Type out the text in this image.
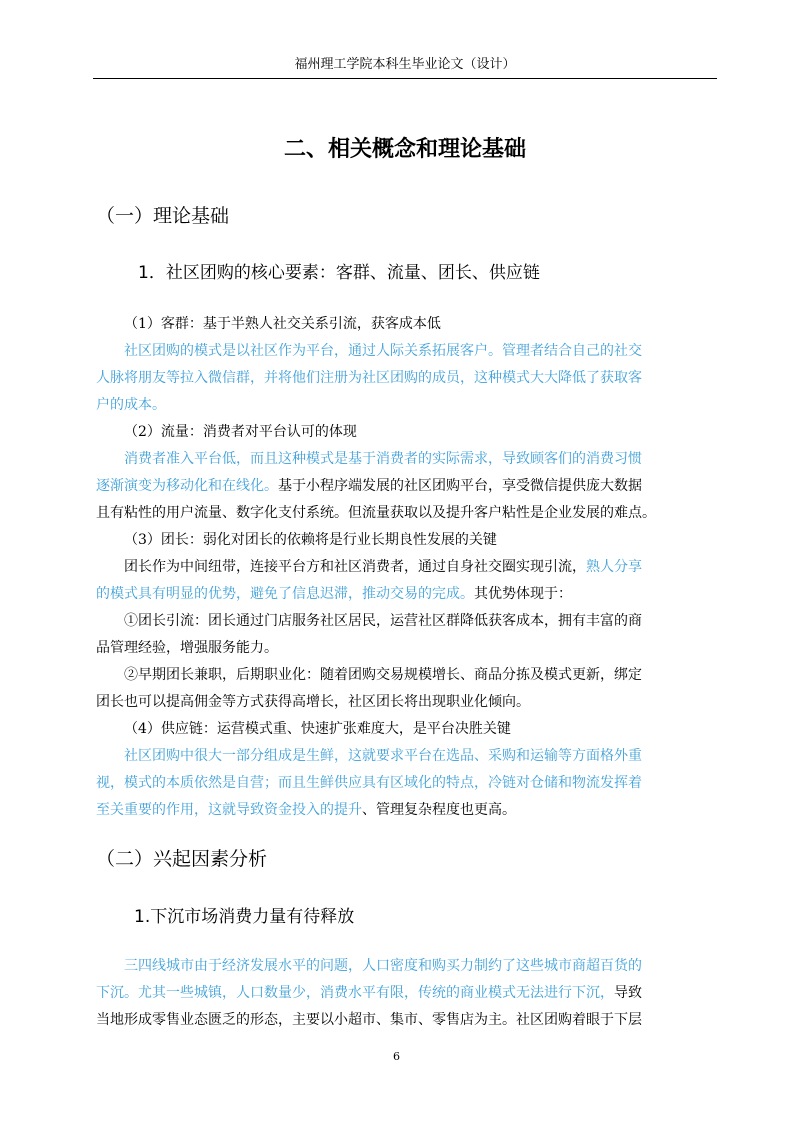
福州理工学院本科生毕业论文（设计）
二、相关概念和理论基础
（一）理论基础
1．社区团购的核心要素：客群、流量、团长、供应链
（1）客群：基于半熟人社交关系引流，获客成本低
社区团购的模式是以社区作为平台，通过人际关系拓展客户。管理者结合自己的社交
人脉将朋友等拉入微信群，并将他们注册为社区团购的成员，这种模式大大降低了获取客
户的成本。
（2）流量：消费者对平台认可的体现
消费者准入平台低，而且这种模式是基于消费者的实际需求，导致顾客们的消费习惯
逐渐演变为移动化和在线化。基于小程序端发展的社区团购平台，享受微信提供庞大数据
且有粘性的用户流量、数字化支付系统。但流量获取以及提升客户粘性是企业发展的难点。
（3）团长：弱化对团长的依赖将是行业长期良性发展的关键
团长作为中间纽带，连接平台方和社区消费者，通过自身社交圈实现引流，熟人分享
的模式具有明显的优势，避免了信息迟滞，推动交易的完成。其优势体现于：
①团长引流：团长通过门店服务社区居民，运营社区群降低获客成本，拥有丰富的商
品管理经验，增强服务能力。
②早期团长兼职，后期职业化：随着团购交易规模增长、商品分拣及模式更新，绑定
团长也可以提高佣金等方式获得高增长，社区团长将出现职业化倾向。
（4）供应链：运营模式重、快速扩张难度大，是平台决胜关键
社区团购中很大一部分组成是生鲜，这就要求平台在选品、采购和运输等方面格外重
视，模式的本质依然是自营；而且生鲜供应具有区域化的特点，冷链对仓储和物流发挥着
至关重要的作用，这就导致资金投入的提升、管理复杂程度也更高。
（二）兴起因素分析
1.下沉市场消费力量有待释放
三四线城市由于经济发展水平的问题，人口密度和购买力制约了这些城市商超百货的
下沉。尤其一些城镇，人口数量少，消费水平有限，传统的商业模式无法进行下沉，导致
当地形成零售业态匮乏的形态，主要以小超市、集市、零售店为主。社区团购着眼于下层
6
